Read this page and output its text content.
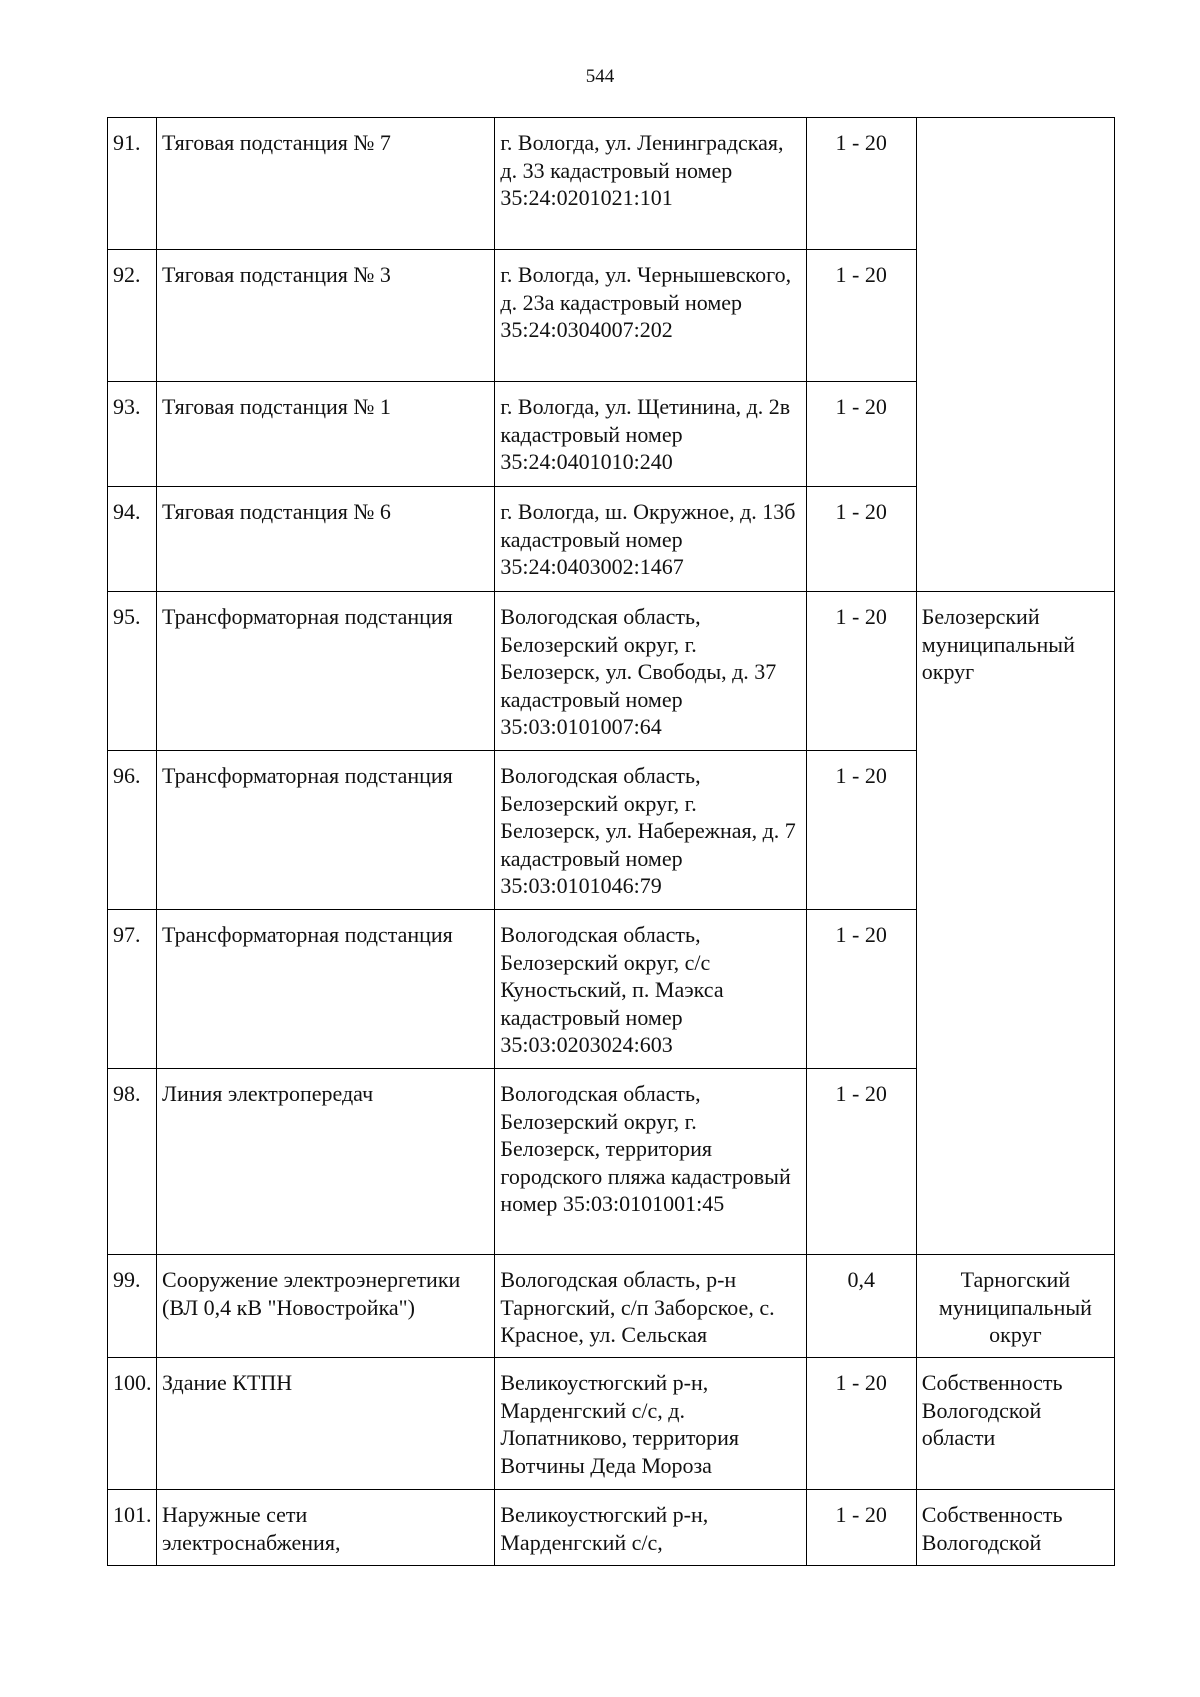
544
91.	Тяговая подстанция № 7	г. Вологда, ул. Ленинградская, д. 33 кадастровый номер 35:24:0201021:101	1 - 20	
92.	Тяговая подстанция № 3	г. Вологда, ул. Чернышевского, д. 23а кадастровый номер 35:24:0304007:202	1 - 20	
93.	Тяговая подстанция № 1	г. Вологда, ул. Щетинина, д. 2в кадастровый номер 35:24:0401010:240	1 - 20	
94.	Тяговая подстанция № 6	г. Вологда, ш. Окружное, д. 13б кадастровый номер 35:24:0403002:1467	1 - 20	
95.	Трансформаторная подстанция	Вологодская область, Белозерский округ, г. Белозерск, ул. Свободы, д. 37 кадастровый номер 35:03:0101007:64	1 - 20	Белозерский муниципальный округ
96.	Трансформаторная подстанция	Вологодская область, Белозерский округ, г. Белозерск, ул. Набережная, д. 7 кадастровый номер 35:03:0101046:79	1 - 20	
97.	Трансформаторная подстанция	Вологодская область, Белозерский округ, с/с Куностьский, п. Маэкса кадастровый номер 35:03:0203024:603	1 - 20	
98.	Линия электропередач	Вологодская область, Белозерский округ, г. Белозерск, территория городского пляжа кадастровый номер 35:03:0101001:45	1 - 20	
99.	Сооружение электроэнергетики (ВЛ 0,4 кВ "Новостройка")	Вологодская область, р-н Тарногский, с/п Заборское, с. Красное, ул. Сельская	0,4	Тарногский муниципальный округ
100.	Здание КТПН	Великоустюгский р-н, Марденгский с/с, д. Лопатниково, территория Вотчины Деда Мороза	1 - 20	Собственность Вологодской области
101.	Наружные сети электроснабжения,	Великоустюгский р-н, Марденгский с/с,	1 - 20	Собственность Вологодской
